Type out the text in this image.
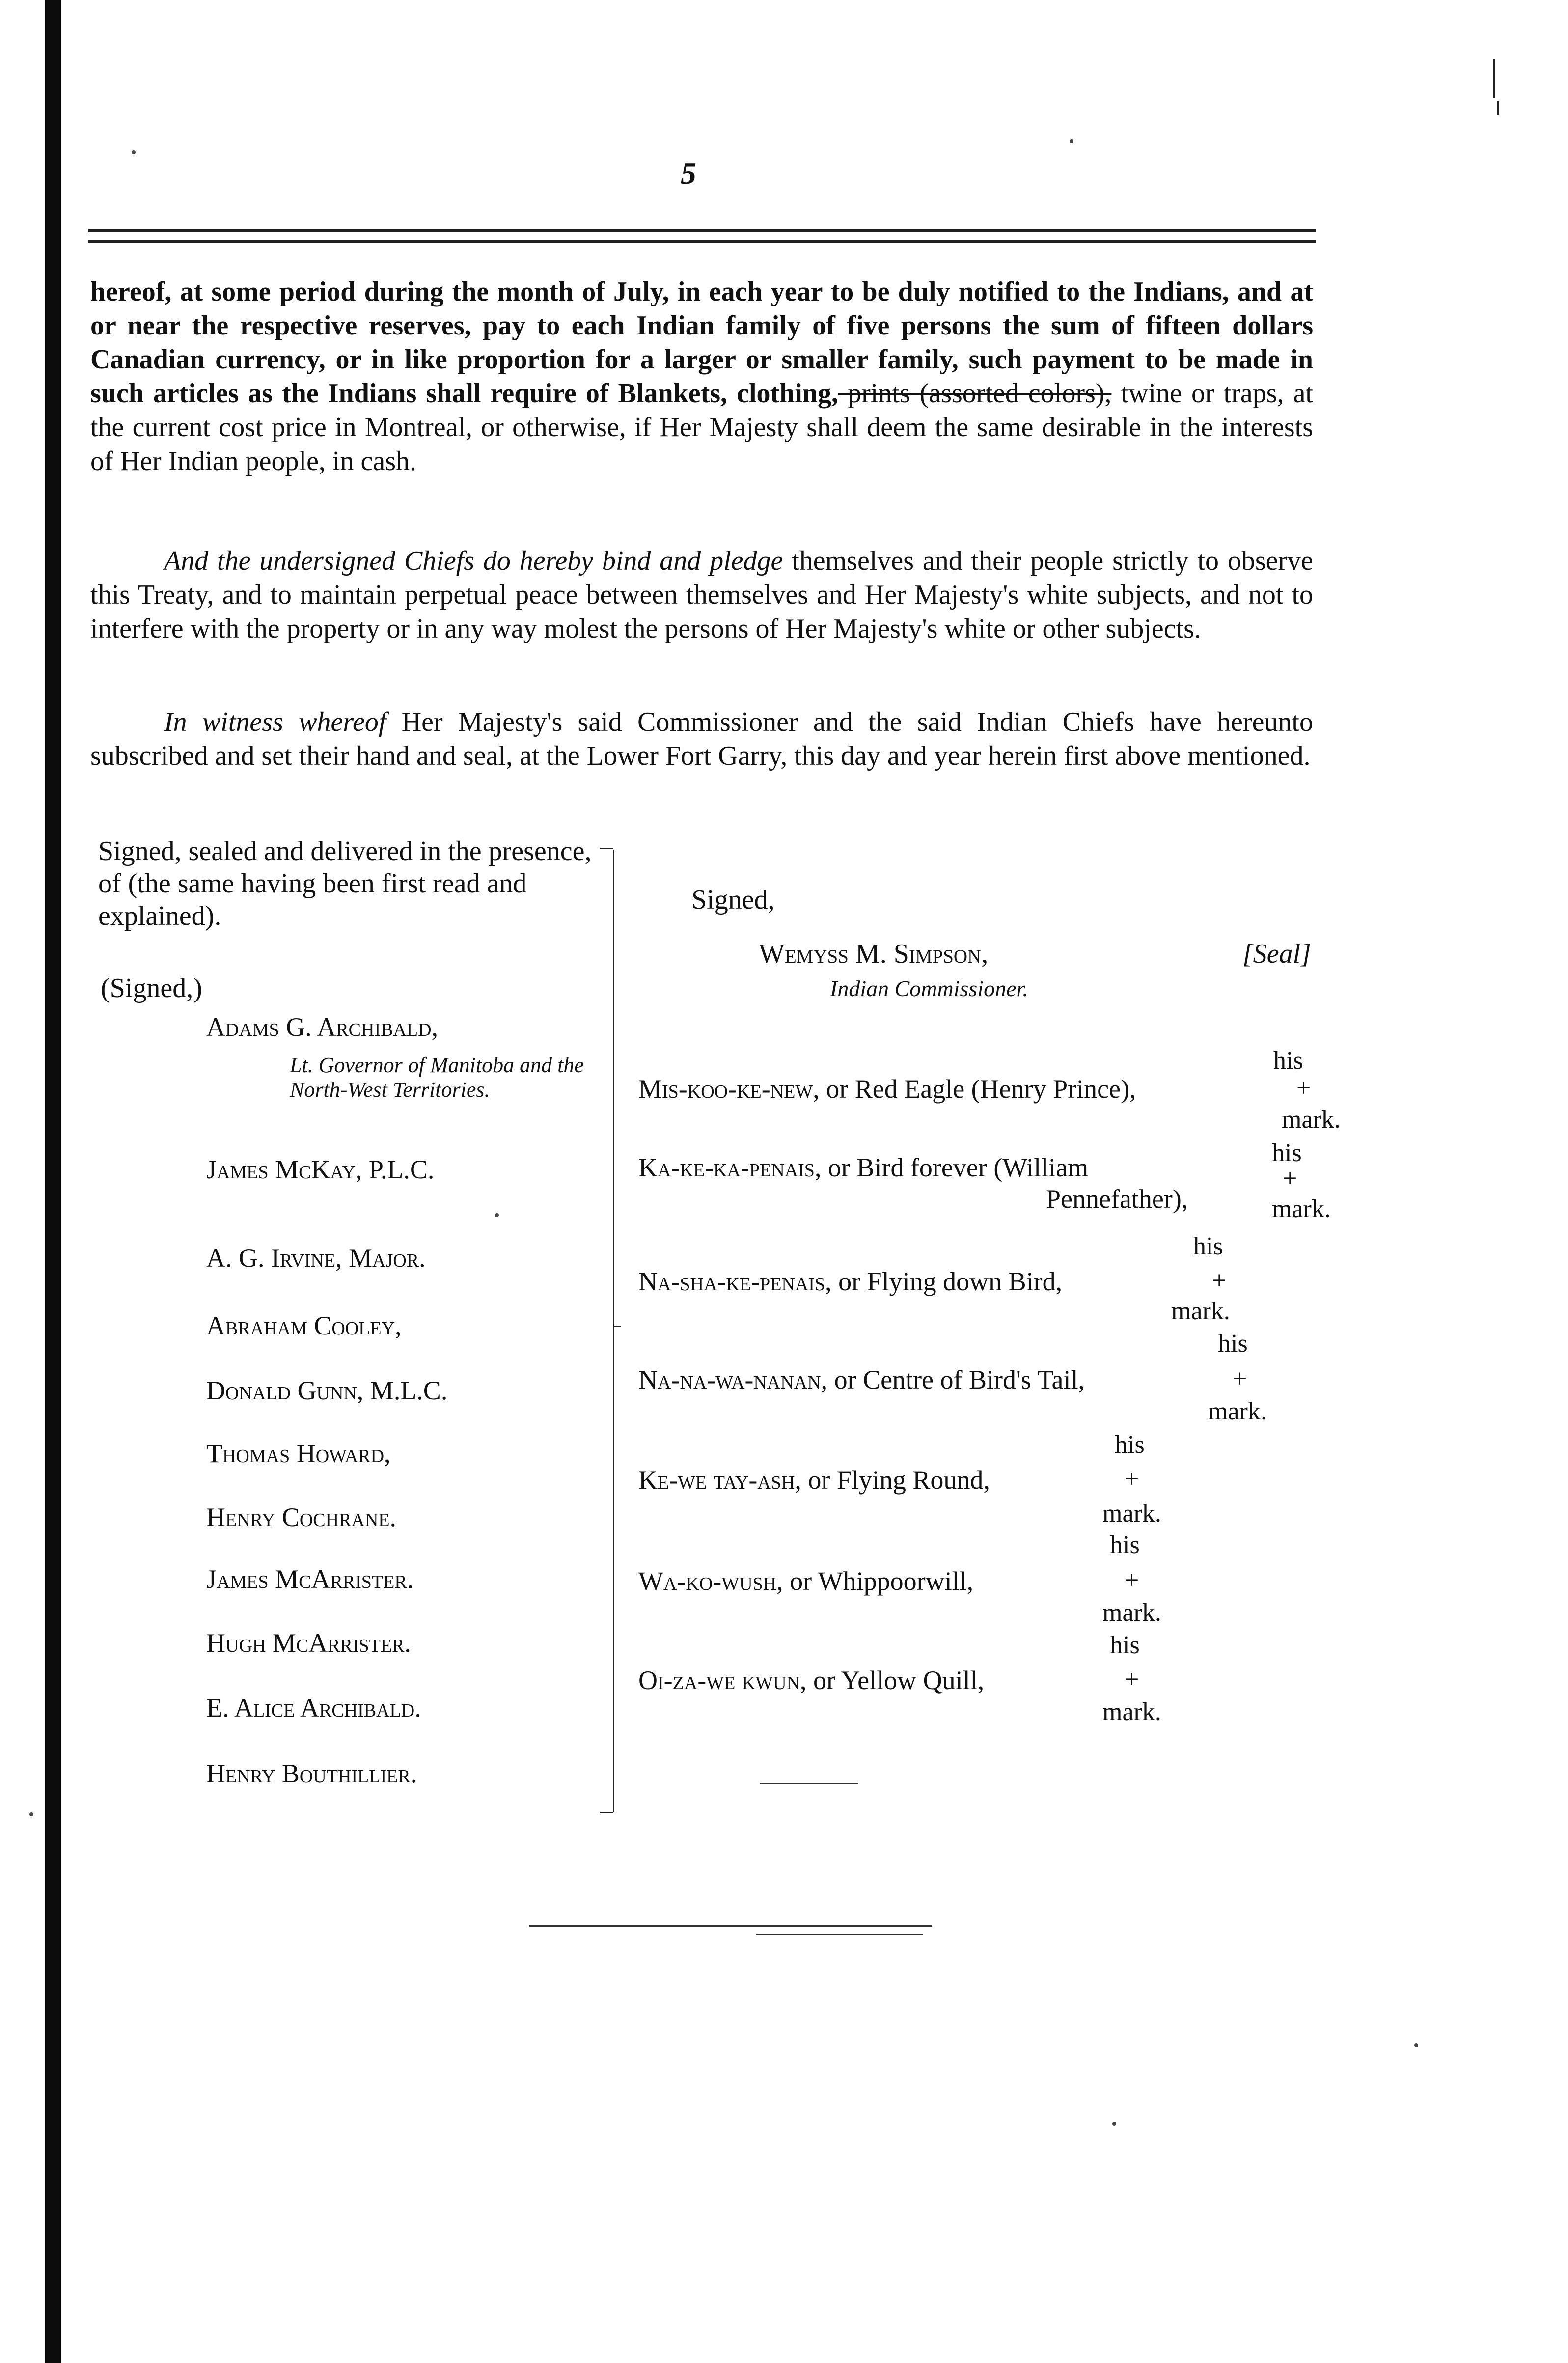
5

hereof, at some period during the month of July, in each year to be duly notified to the Indians, and at or near the respective reserves, pay to each Indian family of five persons the sum of fifteen dollars Canadian currency, or in like proportion for a larger or smaller family, such payment to be made in such articles as the Indians shall require of Blankets, clothing, prints (assorted colors), twine or traps, at the current cost price in Montreal, or otherwise, if Her Majesty shall deem the same desirable in the interests of Her Indian people, in cash.

And the undersigned Chiefs do hereby bind and pledge themselves and their people strictly to observe this Treaty, and to maintain perpetual peace between themselves and Her Majesty's white subjects, and not to interfere with the property or in any way molest the persons of Her Majesty's white or other subjects.

In witness whereof Her Majesty's said Commissioner and the said Indian Chiefs have hereunto subscribed and set their hand and seal, at the Lower Fort Garry, this day and year herein first above mentioned.

Signed, sealed and delivered in the presence, of (the same having been first read and explained).
(Signed,)
Adams G. Archibald,
Lt. Governor of Manitoba and the North-West Territories.
James McKay, P.L.C.
A. G. Irvine, Major.
Abraham Cooley,
Donald Gunn, M.L.C.
Thomas Howard,
Henry Cochrane.
James McArrister.
Hugh McArrister.
E. Alice Archibald.
Henry Bouthillier.
Signed,
Wemyss M. Simpson,
Indian Commissioner.
[Seal]
his
Mis-koo-ke-new, or Red Eagle (Henry Prince),	+
mark.
his
Ka-ke-ka-penais, or Bird forever (William	+
Pennefather),	mark.
his
Na-sha-ke-penais, or Flying down Bird,	+
mark.
his
Na-na-wa-nanan, or Centre of Bird's Tail,	+
mark.
his
Ke-we tay-ash, or Flying Round,	+
mark.
his
Wa-ko-wush, or Whippoorwill,	+
mark.
his
Oi-za-we kwun, or Yellow Quill,	+
mark.
